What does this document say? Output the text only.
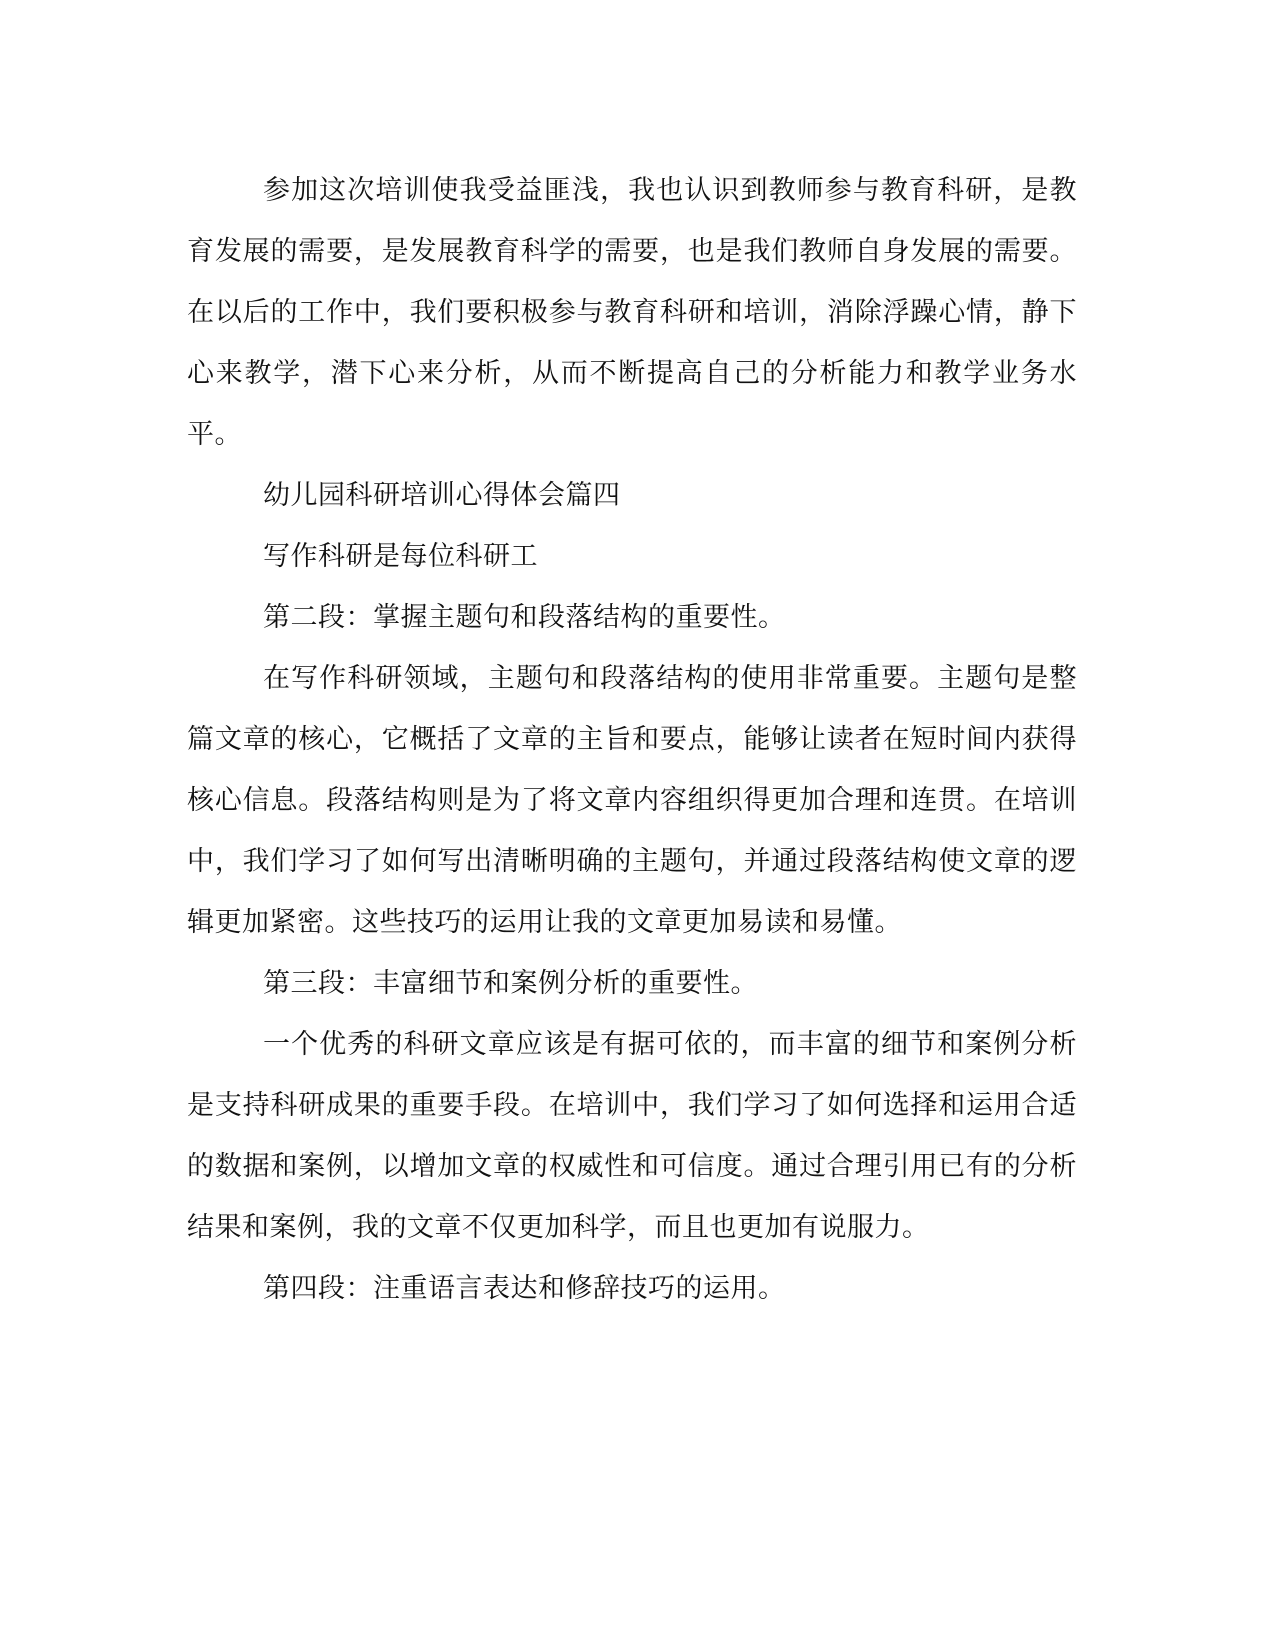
参加这次培训使我受益匪浅，我也认识到教师参与教育科研，是教育发展的需要，是发展教育科学的需要，也是我们教师自身发展的需要。在以后的工作中，我们要积极参与教育科研和培训，消除浮躁心情，静下心来教学，潜下心来分析，从而不断提高自己的分析能力和教学业务水平。

幼儿园科研培训心得体会篇四

写作科研是每位科研工

第二段：掌握主题句和段落结构的重要性。

在写作科研领域，主题句和段落结构的使用非常重要。主题句是整篇文章的核心，它概括了文章的主旨和要点，能够让读者在短时间内获得核心信息。段落结构则是为了将文章内容组织得更加合理和连贯。在培训中，我们学习了如何写出清晰明确的主题句，并通过段落结构使文章的逻辑更加紧密。这些技巧的运用让我的文章更加易读和易懂。

第三段：丰富细节和案例分析的重要性。

一个优秀的科研文章应该是有据可依的，而丰富的细节和案例分析是支持科研成果的重要手段。在培训中，我们学习了如何选择和运用合适的数据和案例，以增加文章的权威性和可信度。通过合理引用已有的分析结果和案例，我的文章不仅更加科学，而且也更加有说服力。

第四段：注重语言表达和修辞技巧的运用。
